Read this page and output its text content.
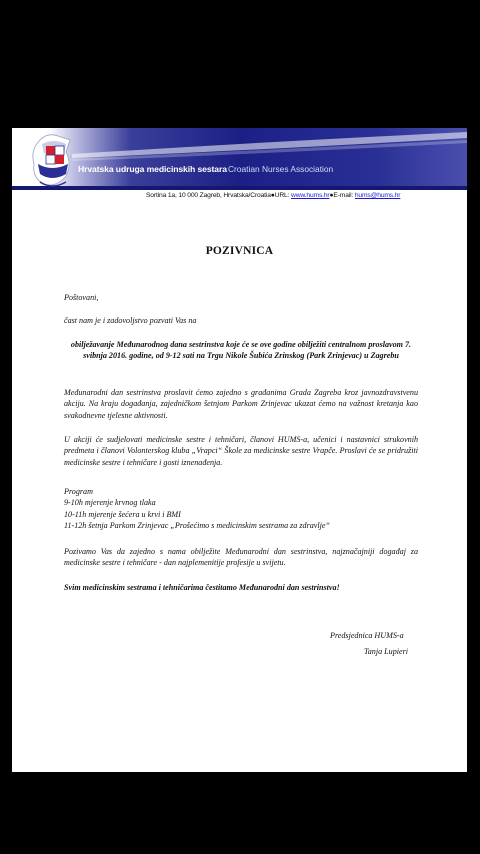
Hrvatska udruga medicinskih sestara Croatian Nurses Association
Sortina 1a, 10 000 Zagreb, Hrvatska/Croatia●URL: www.hums.hr●E-mail: hums@hums.hr
POZIVNICA
Poštovani,
čast nam je i zadovoljstvo pozvati Vas na
obilježavanje Međunarodnog dana sestrinstva koje će se ove godine obilježiti centralnom proslavom 7. svibnja 2016. godine, od 9-12 sati na Trgu Nikole Šubića Zrinskog (Park Zrinjevac) u Zagrebu
Međunarodni dan sestrinstva proslavit ćemo zajedno s građanima Grada Zagreba kroz javnozdravstvenu akciju. Na kraju događanja, zajedničkom šetnjom Parkom Zrinjevac ukazat ćemo na važnost kretanja kao svakodnevne tjelesne aktivnosti.
U akciji će sudjelovati medicinske sestre i tehničari, članovi HUMS-a, učenici i nastavnici strukovnih predmeta i članovi Volonterskog kluba „Vrapci“ Škole za medicinske sestre Vrapče. Proslavi će se pridružiti medicinske sestre i tehničare i gosti iznenađenja.
Program
9-10h mjerenje krvnog tlaka
10-11h mjerenje šećera u krvi i BMI
11-12h šetnja Parkom Zrinjevac „Prošećimo s medicinskim sestrama za zdravlje“
Pozivamo Vas da zajedno s nama obilježite Međunarodni dan sestrinstva, najznačajniji događaj za medicinske sestre i tehničare - dan najplemenitije profesije u svijetu.
Svim medicinskim sestrama i tehničarima čestitamo Međunarodni dan sestrinstva!
Predsjednica HUMS-a
Tanja Lupieri
